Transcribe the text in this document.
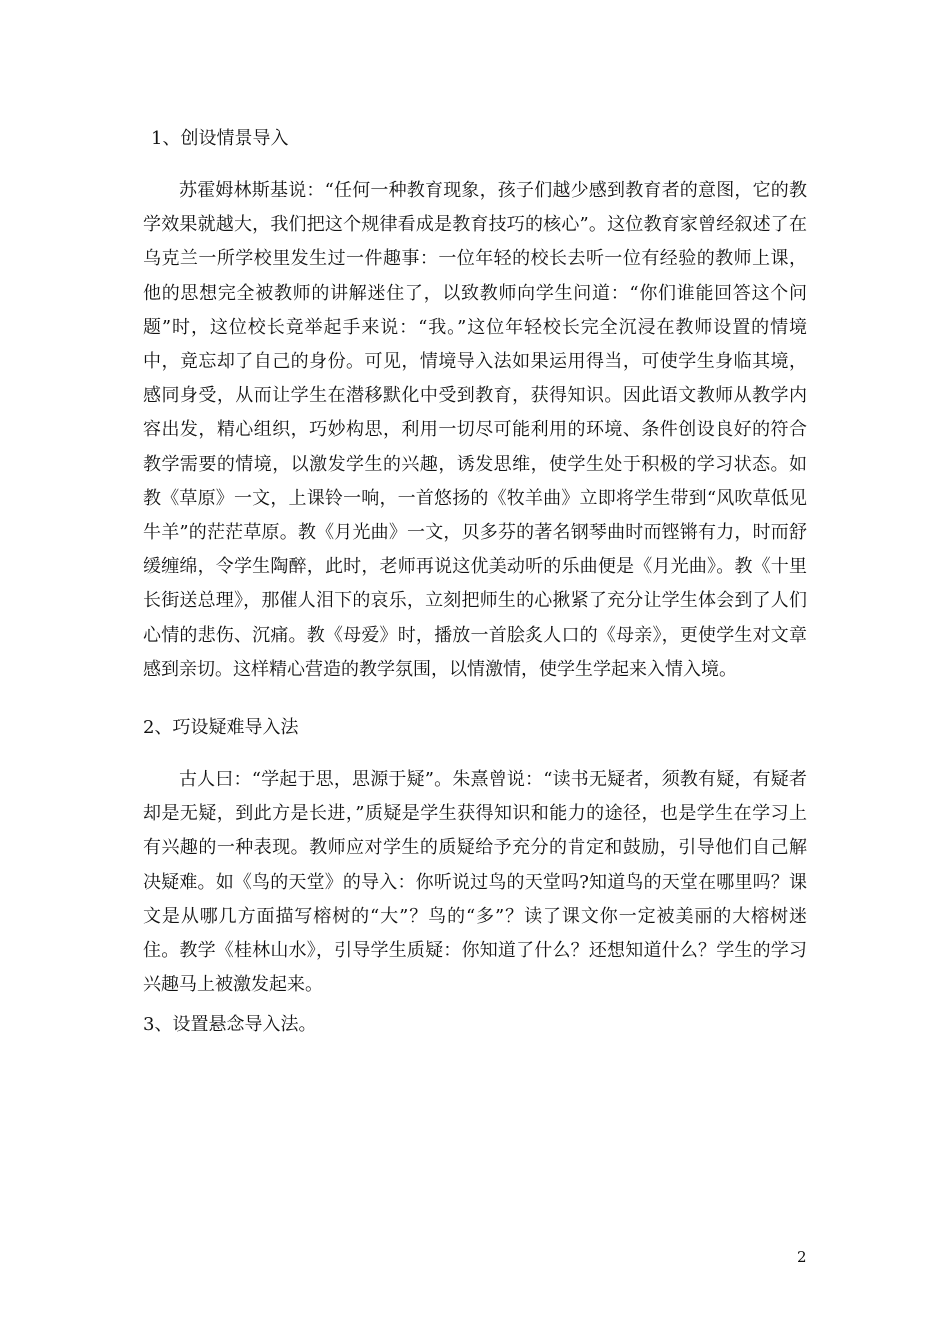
1、创设情景导入

苏霍姆林斯基说：“任何一种教育现象，孩子们越少感到教育者的意图，它的教学效果就越大，我们把这个规律看成是教育技巧的核心”。这位教育家曾经叙述了在乌克兰一所学校里发生过一件趣事：一位年轻的校长去听一位有经验的教师上课，他的思想完全被教师的讲解迷住了，以致教师向学生问道：“你们谁能回答这个问题”时，这位校长竟举起手来说：“我。”这位年轻校长完全沉浸在教师设置的情境中，竟忘却了自己的身份。可见，情境导入法如果运用得当，可使学生身临其境，感同身受，从而让学生在潜移默化中受到教育，获得知识。因此语文教师从教学内容出发，精心组织，巧妙构思，利用一切尽可能利用的环境、条件创设良好的符合教学需要的情境，以激发学生的兴趣，诱发思维，使学生处于积极的学习状态。如教《草原》一文，上课铃一响，一首悠扬的《牧羊曲》立即将学生带到“风吹草低见牛羊”的茫茫草原。教《月光曲》一文，贝多芬的著名钢琴曲时而铿锵有力，时而舒缓缠绵，令学生陶醉，此时，老师再说这优美动听的乐曲便是《月光曲》。教《十里长街送总理》，那催人泪下的哀乐，立刻把师生的心揪紧了充分让学生体会到了人们心情的悲伤、沉痛。教《母爱》时，播放一首脍炙人口的《母亲》，更使学生对文章感到亲切。这样精心营造的教学氛围，以情激情，使学生学起来入情入境。

2、巧设疑难导入法

古人曰：“学起于思，思源于疑”。朱熹曾说：“读书无疑者，须教有疑，有疑者却是无疑，到此方是长进，”质疑是学生获得知识和能力的途径，也是学生在学习上有兴趣的一种表现。教师应对学生的质疑给予充分的肯定和鼓励，引导他们自己解决疑难。如《鸟的天堂》的导入：你听说过鸟的天堂吗?知道鸟的天堂在哪里吗？课文是从哪几方面描写榕树的“大”？鸟的“多”？读了课文你一定被美丽的大榕树迷住。教学《桂林山水》，引导学生质疑：你知道了什么？还想知道什么？学生的学习兴趣马上被激发起来。

3、设置悬念导入法。

2
